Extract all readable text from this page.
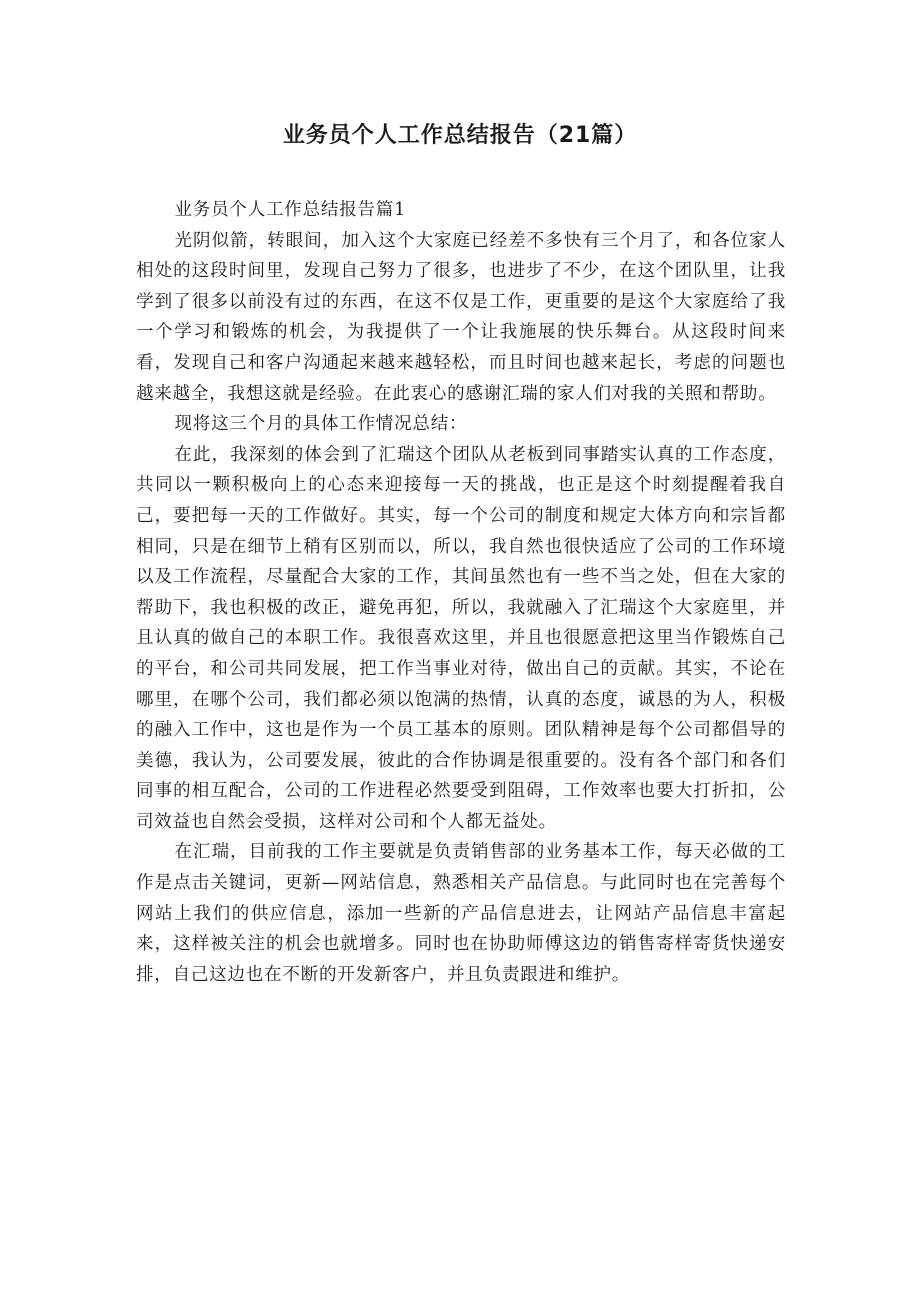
业务员个人工作总结报告（21篇）

业务员个人工作总结报告篇1

光阴似箭，转眼间，加入这个大家庭已经差不多快有三个月了，和各位家人相处的这段时间里，发现自己努力了很多，也进步了不少，在这个团队里，让我学到了很多以前没有过的东西，在这不仅是工作，更重要的是这个大家庭给了我一个学习和锻炼的机会，为我提供了一个让我施展的快乐舞台。从这段时间来看，发现自己和客户沟通起来越来越轻松，而且时间也越来起长，考虑的问题也越来越全，我想这就是经验。在此衷心的感谢汇瑞的家人们对我的关照和帮助。

现将这三个月的具体工作情况总结：

在此，我深刻的体会到了汇瑞这个团队从老板到同事踏实认真的工作态度，共同以一颗积极向上的心态来迎接每一天的挑战，也正是这个时刻提醒着我自己，要把每一天的工作做好。其实，每一个公司的制度和规定大体方向和宗旨都相同，只是在细节上稍有区别而以，所以，我自然也很快适应了公司的工作环境以及工作流程，尽量配合大家的工作，其间虽然也有一些不当之处，但在大家的帮助下，我也积极的改正，避免再犯，所以，我就融入了汇瑞这个大家庭里，并且认真的做自己的本职工作。我很喜欢这里，并且也很愿意把这里当作锻炼自己的平台，和公司共同发展，把工作当事业对待，做出自己的贡献。其实，不论在哪里，在哪个公司，我们都必须以饱满的热情，认真的态度，诚恳的为人，积极的融入工作中，这也是作为一个员工基本的原则。团队精神是每个公司都倡导的美德，我认为，公司要发展，彼此的合作协调是很重要的。没有各个部门和各们同事的相互配合，公司的工作进程必然要受到阻碍，工作效率也要大打折扣，公司效益也自然会受损，这样对公司和个人都无益处。

在汇瑞，目前我的工作主要就是负责销售部的业务基本工作，每天必做的工作是点击关键词，更新—网站信息，熟悉相关产品信息。与此同时也在完善每个网站上我们的供应信息，添加一些新的产品信息进去，让网站产品信息丰富起来，这样被关注的机会也就增多。同时也在协助师傅这边的销售寄样寄货快递安排，自己这边也在不断的开发新客户，并且负责跟进和维护。
